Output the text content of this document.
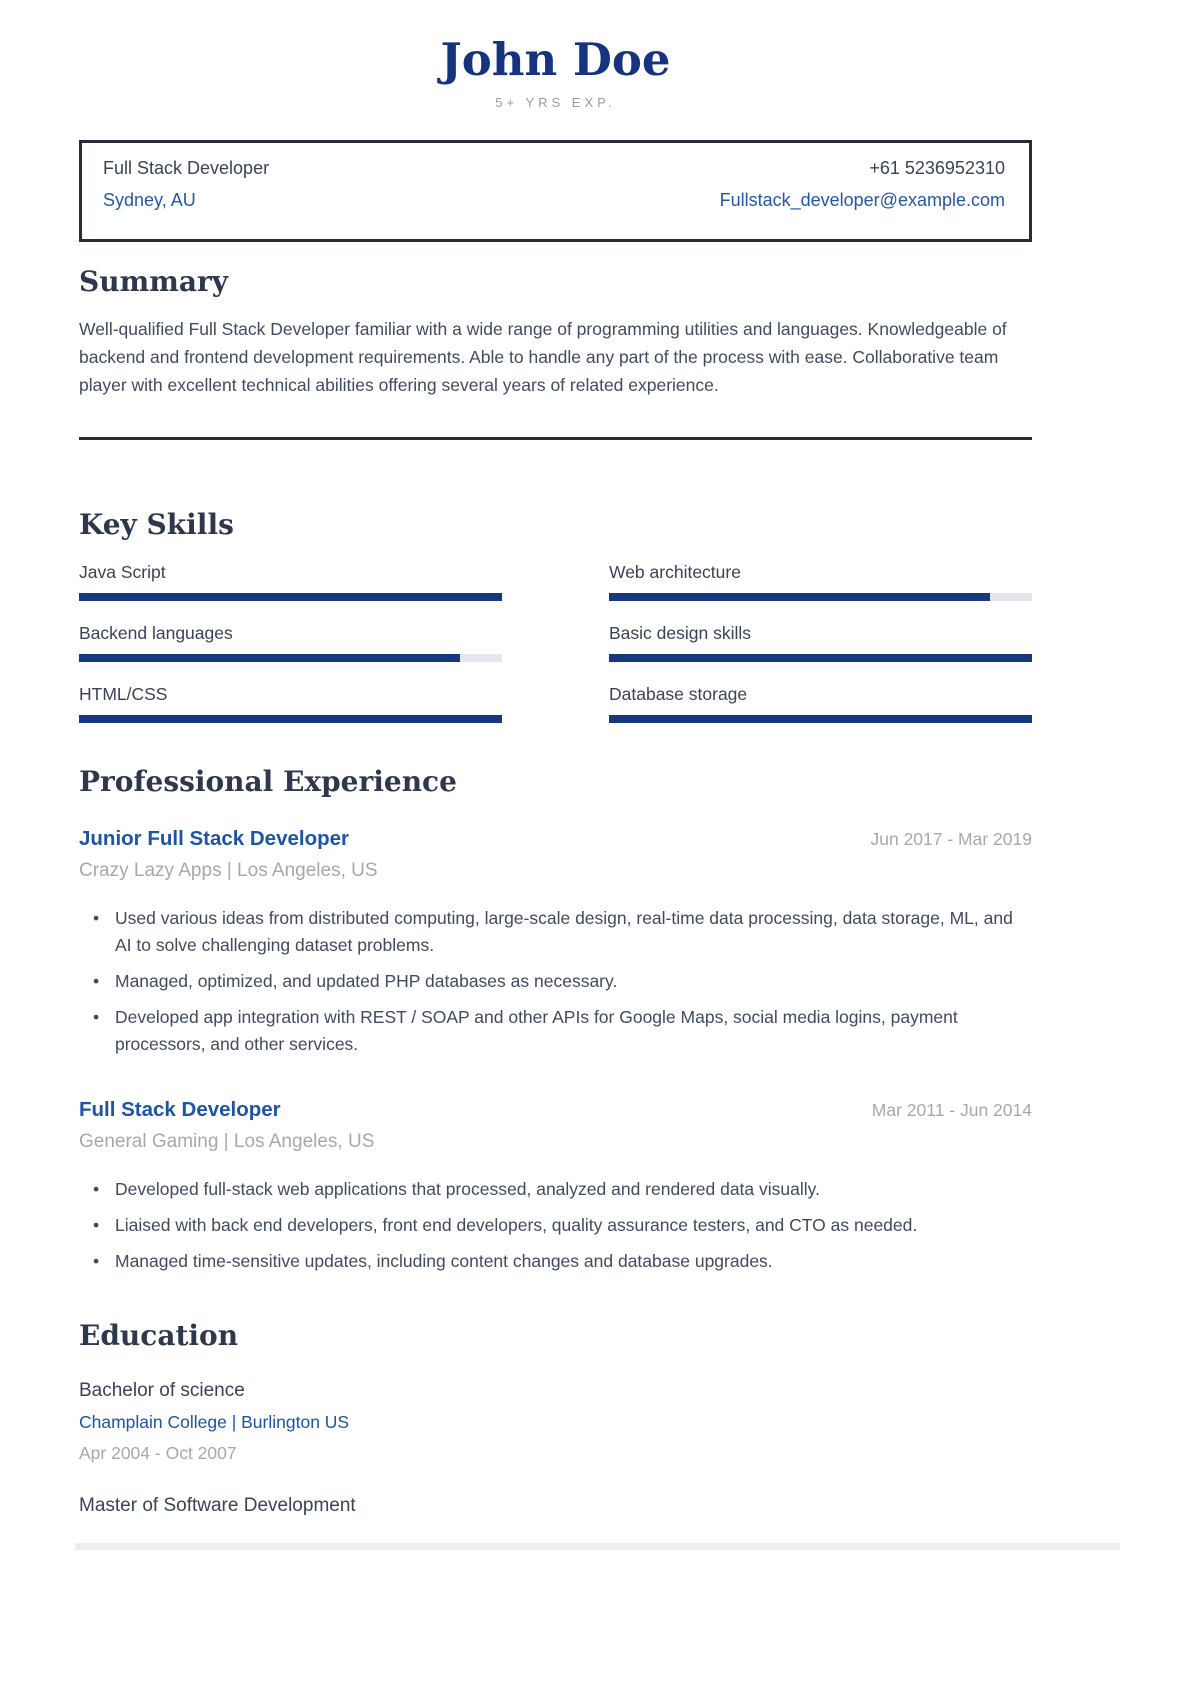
John Doe
5+ YRS EXP.
Full Stack Developer	+61 5236952310
Sydney, AU	Fullstack_developer@example.com
Summary

Well-qualified Full Stack Developer familiar with a wide range of programming utilities and languages. Knowledgeable of backend and frontend development requirements. Able to handle any part of the process with ease. Collaborative team player with excellent technical abilities offering several years of related experience.

Key Skills
Java Script	Web architecture
Backend languages	Basic design skills
HTML/CSS	Database storage
Professional Experience
Junior Full Stack Developer	Jun 2017 - Mar 2019
Crazy Lazy Apps | Los Angeles, US
• Used various ideas from distributed computing, large-scale design, real-time data processing, data storage, ML, and AI to solve challenging dataset problems.
• Managed, optimized, and updated PHP databases as necessary.
• Developed app integration with REST / SOAP and other APIs for Google Maps, social media logins, payment processors, and other services.
Full Stack Developer	Mar 2011 - Jun 2014
General Gaming | Los Angeles, US
• Developed full-stack web applications that processed, analyzed and rendered data visually.
• Liaised with back end developers, front end developers, quality assurance testers, and CTO as needed.
• Managed time-sensitive updates, including content changes and database upgrades.
Education
Bachelor of science
Champlain College | Burlington US
Apr 2004 - Oct 2007
Master of Software Development
